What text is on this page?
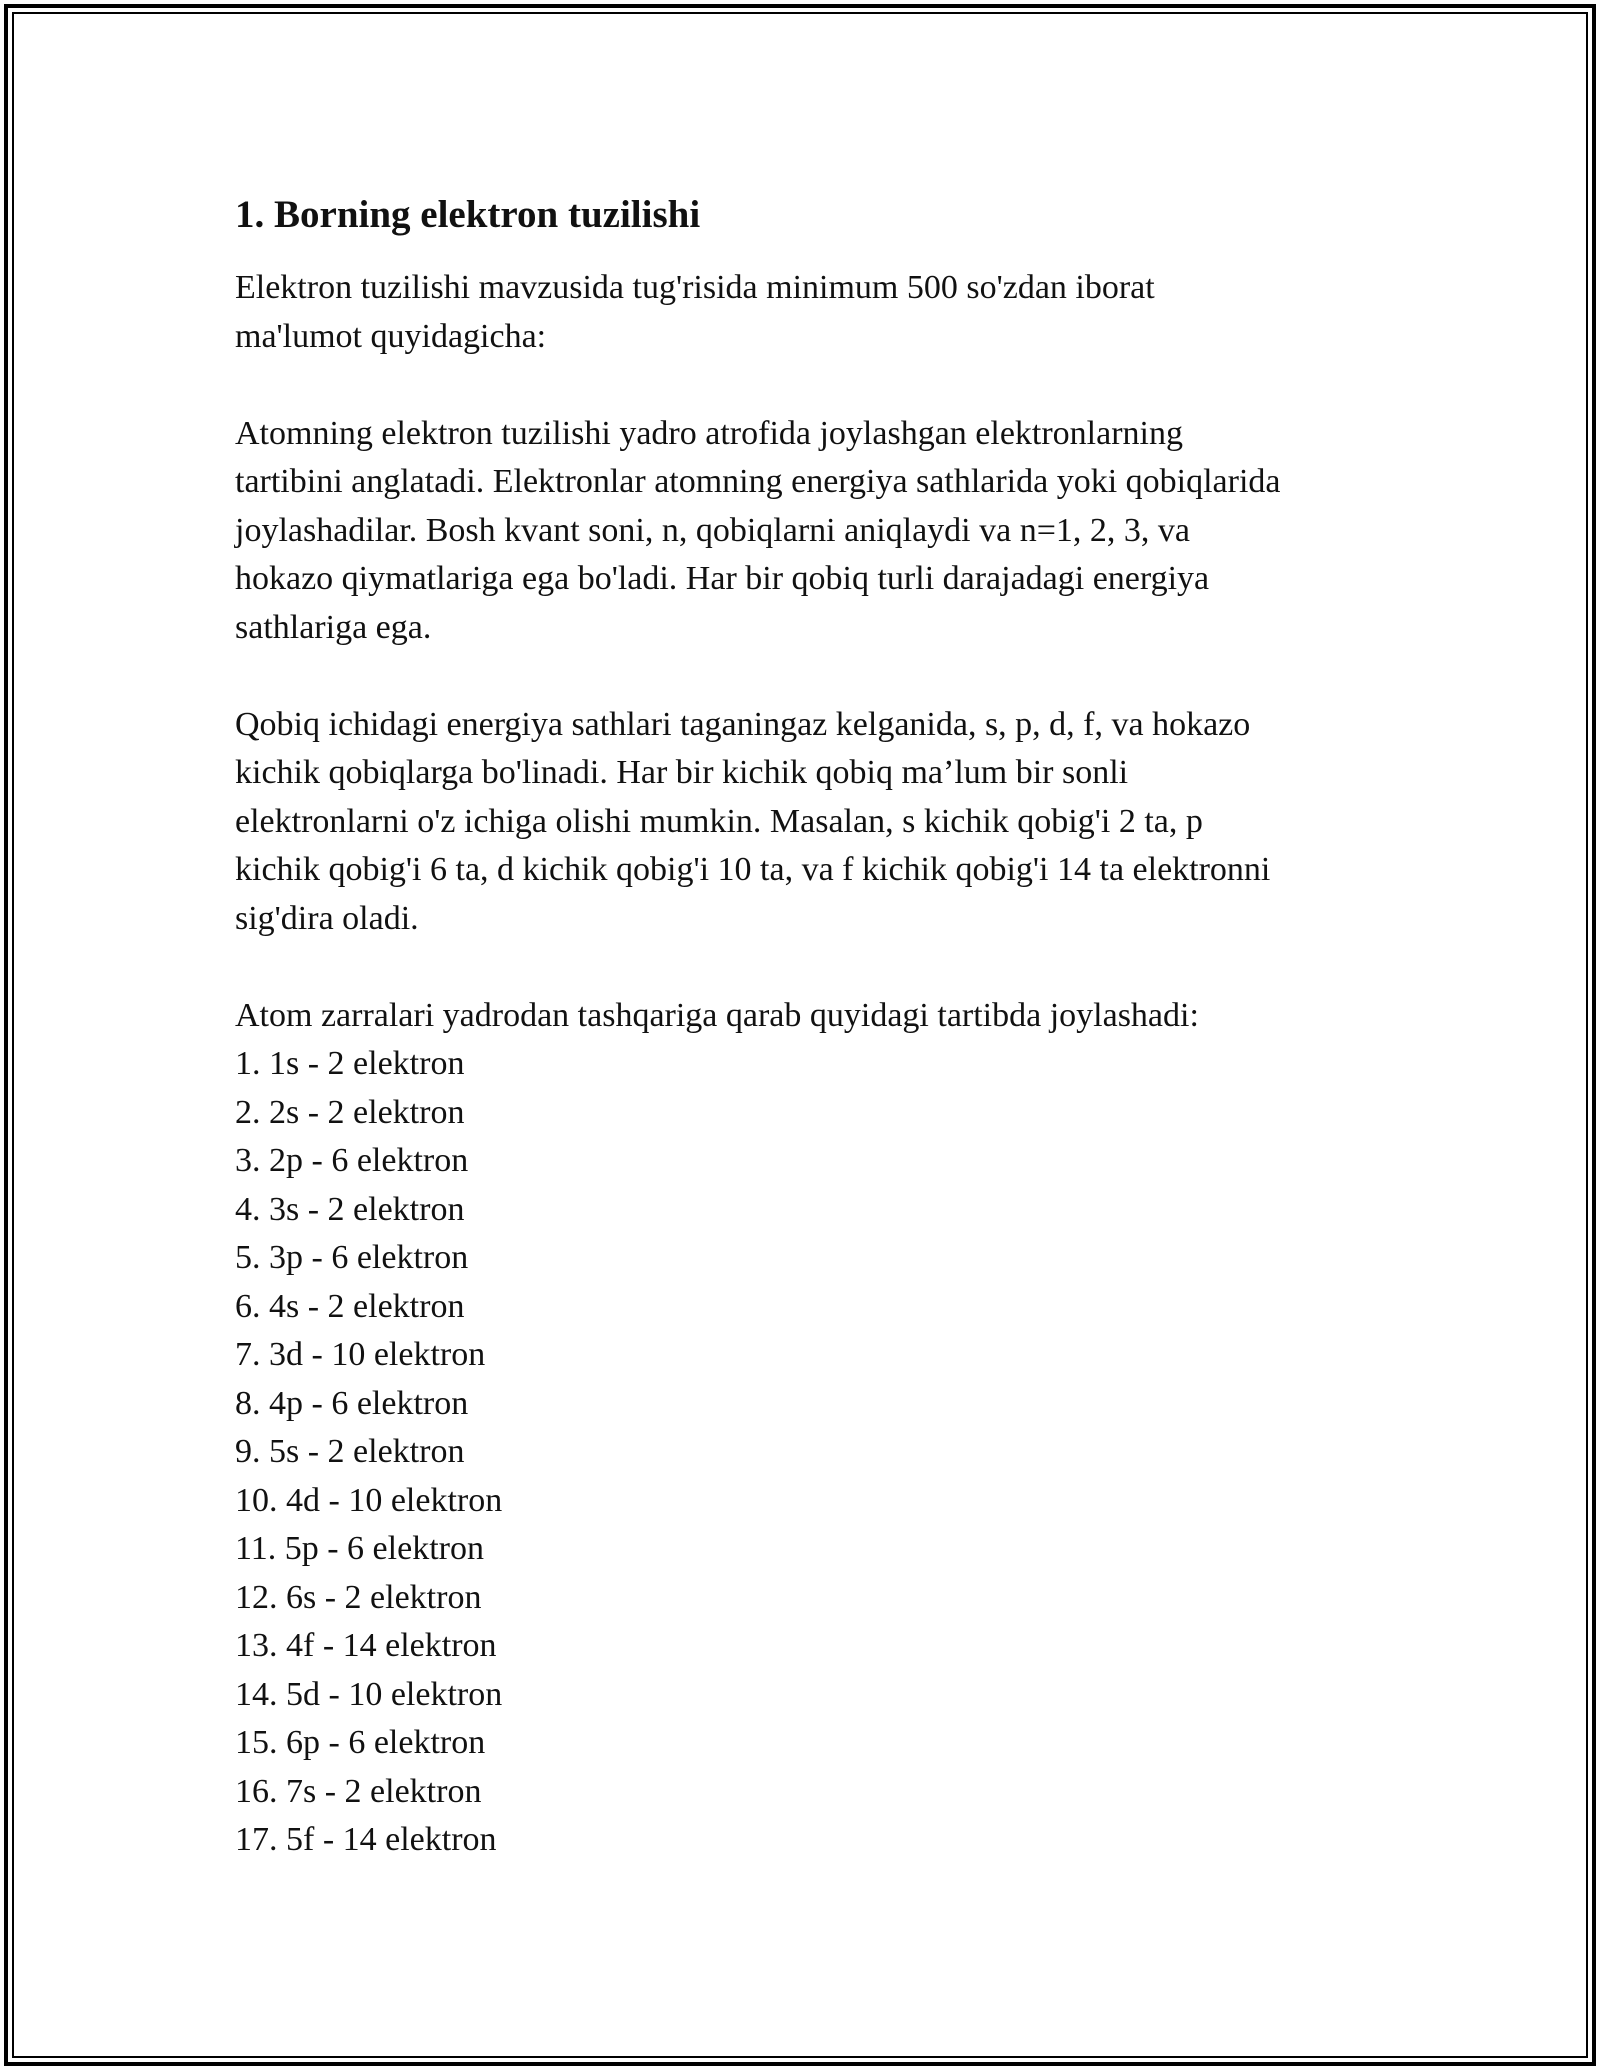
1. Borning elektron tuzilishi

Elektron tuzilishi mavzusida tug'risida minimum 500 so'zdan iborat
ma'lumot quyidagicha:

Atomning elektron tuzilishi yadro atrofida joylashgan elektronlarning
tartibini anglatadi. Elektronlar atomning energiya sathlarida yoki qobiqlarida
joylashadilar. Bosh kvant soni, n, qobiqlarni aniqlaydi va n=1, 2, 3, va
hokazo qiymatlariga ega bo'ladi. Har bir qobiq turli darajadagi energiya
sathlariga ega.

Qobiq ichidagi energiya sathlari taganingaz kelganida, s, p, d, f, va hokazo
kichik qobiqlarga bo'linadi. Har bir kichik qobiq ma’lum bir sonli
elektronlarni o'z ichiga olishi mumkin. Masalan, s kichik qobig'i 2 ta, p
kichik qobig'i 6 ta, d kichik qobig'i 10 ta, va f kichik qobig'i 14 ta elektronni
sig'dira oladi.

Atom zarralari yadrodan tashqariga qarab quyidagi tartibda joylashadi:

1. 1s - 2 elektron
2. 2s - 2 elektron
3. 2p - 6 elektron
4. 3s - 2 elektron
5. 3p - 6 elektron
6. 4s - 2 elektron
7. 3d - 10 elektron
8. 4p - 6 elektron
9. 5s - 2 elektron
10. 4d - 10 elektron
11. 5p - 6 elektron
12. 6s - 2 elektron
13. 4f - 14 elektron
14. 5d - 10 elektron
15. 6p - 6 elektron
16. 7s - 2 elektron
17. 5f - 14 elektron
